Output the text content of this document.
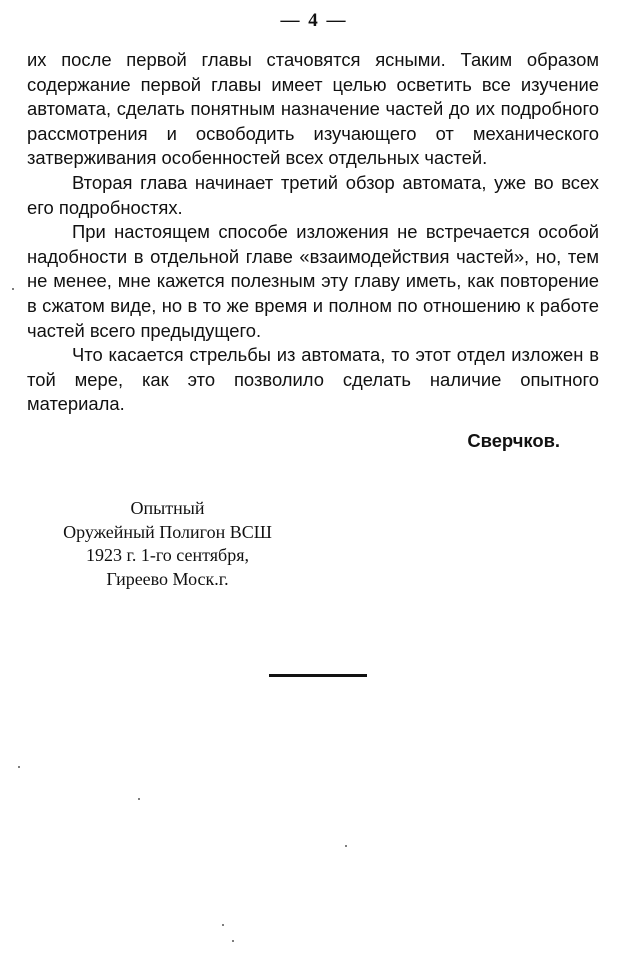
— 4 —

их после первой главы стачовятся ясными. Таким образом содержание первой главы имеет целью осветить все изучение автомата, сделать понятным назначение частей до их подробного рассмотрения и освободить изучающего от механического затверживания особенностей всех отдельных частей.

Вторая глава начинает третий обзор автомата, уже во всех его подробностях.

При настоящем способе изложения не встречается особой надобности в отдельной главе «взаимодействия частей», но, тем не менее, мне кажется полезным эту главу иметь, как повторение в сжатом виде, но в то же время и полном по отношению к работе частей всего предыдущего.

Что касается стрельбы из автомата, то этот отдел изложен в той мере, как это позволило сделать наличие опытного материала.

Сверчков.
Опытный
Оружейный Полигон ВСШ
1923 г. 1-го сентября,
Гиреево Моск.г.
